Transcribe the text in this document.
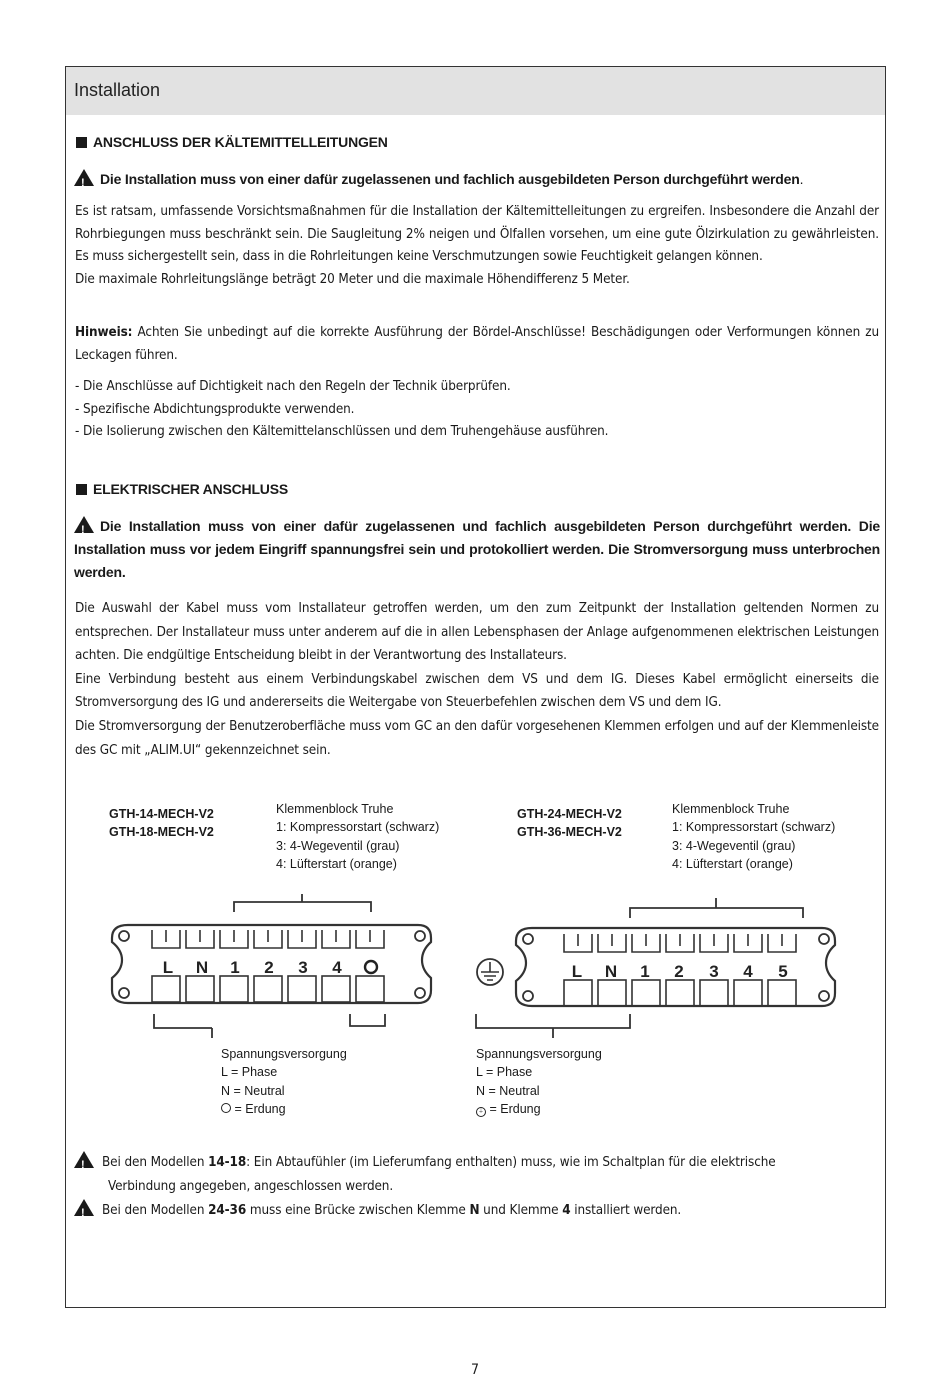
Installation
ANSCHLUSS DER KÄLTEMITTELLEITUNGEN
!Die Installation muss von einer dafür zugelassenen und fachlich ausgebildeten Person durchgeführt werden.
Es ist ratsam, umfassende Vorsichtsmaßnahmen für die Installation der Kältemittelleitungen zu ergreifen. Insbesondere die Anzahl der Rohrbiegungen muss beschränkt sein. Die Saugleitung 2% neigen und Ölfallen vorsehen, um eine gute Ölzirkulation zu gewährleisten. Es muss sichergestellt sein, dass in die Rohrleitungen keine Verschmutzungen sowie Feuchtigkeit gelangen können.
Die maximale Rohrleitungslänge beträgt 20 Meter und die maximale Höhendifferenz 5 Meter.
Hinweis: Achten Sie unbedingt auf die korrekte Ausführung der Bördel-Anschlüsse! Beschädigungen oder Verformungen können zu Leckagen führen.
- Die Anschlüsse auf Dichtigkeit nach den Regeln der Technik überprüfen.
- Spezifische Abdichtungsprodukte verwenden.
- Die Isolierung zwischen den Kältemittelanschlüssen und dem Truhengehäuse ausführen.
ELEKTRISCHER ANSCHLUSS
!Die Installation muss von einer dafür zugelassenen und fachlich ausgebildeten Person durchgeführt werden. Die Installation muss vor jedem Eingriff spannungsfrei sein und protokolliert werden. Die Stromversorgung muss unterbrochen werden.
Die Auswahl der Kabel muss vom Installateur getroffen werden, um den zum Zeitpunkt der Installation geltenden Normen zu entsprechen. Der Installateur muss unter anderem auf die in allen Lebensphasen der Anlage aufgenommenen elektrischen Leistungen achten. Die endgültige Entscheidung bleibt in der Verantwortung des Installateurs.
Eine Verbindung besteht aus einem Verbindungskabel zwischen dem VS und dem IG. Dieses Kabel ermöglicht einerseits die Stromversorgung des IG und andererseits die Weitergabe von Steuerbefehlen zwischen dem VS und dem IG.
Die Stromversorgung der Benutzeroberfläche muss vom GC an den dafür vorgesehenen Klemmen erfolgen und auf der Klemmenleiste des GC mit „ALIM.UI“ gekennzeichnet sein.
GTH-14-MECH-V2
GTH-18-MECH-V2
Klemmenblock Truhe
1: Kompressorstart (schwarz)
3: 4-Wegeventil (grau)
4: Lüfterstart (orange)
GTH-24-MECH-V2
GTH-36-MECH-V2
Klemmenblock Truhe
1: Kompressorstart (schwarz)
3: 4-Wegeventil (grau)
4: Lüfterstart (orange)
L N 1 2 3 4	L N 1 2 3 4 5
Spannungsversorgung
L = Phase
N = Neutral
= Erdung
Spannungsversorgung
L = Phase
N = Neutral
⏚ = Erdung
!Bei den Modellen 14-18: Ein Abtaufühler (im Lieferumfang enthalten) muss, wie im Schaltplan für die elektrische
Verbindung angegeben, angeschlossen werden.
!Bei den Modellen 24-36 muss eine Brücke zwischen Klemme N und Klemme 4 installiert werden.
7
